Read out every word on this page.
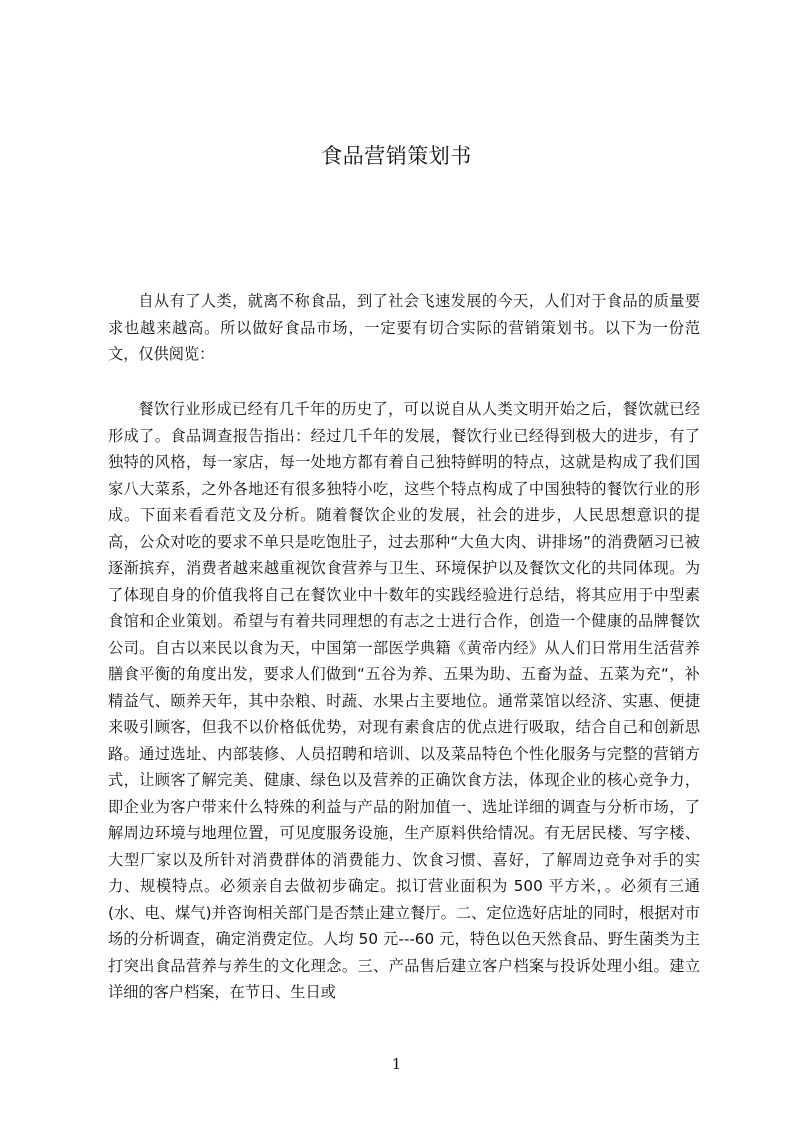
食品营销策划书

自从有了人类，就离不称食品，到了社会飞速发展的今天，人们对于食品的质量要求也越来越高。所以做好食品市场，一定要有切合实际的营销策划书。以下为一份范文，仅供阅览：

餐饮行业形成已经有几千年的历史了，可以说自从人类文明开始之后，餐饮就已经形成了。食品调查报告指出：经过几千年的发展，餐饮行业已经得到极大的进步，有了独特的风格，每一家店，每一处地方都有着自己独特鲜明的特点，这就是构成了我们国家八大菜系，之外各地还有很多独特小吃，这些个特点构成了中国独特的餐饮行业的形成。下面来看看范文及分析。随着餐饮企业的发展，社会的进步，人民思想意识的提高，公众对吃的要求不单只是吃饱肚子，过去那种“大鱼大肉、讲排场”的消费陋习已被逐渐摈弃，消费者越来越重视饮食营养与卫生、环境保护以及餐饮文化的共同体现。为了体现自身的价值我将自己在餐饮业中十数年的实践经验进行总结，将其应用于中型素食馆和企业策划。希望与有着共同理想的有志之士进行合作，创造一个健康的品牌餐饮公司。自古以来民以食为天，中国第一部医学典籍《黄帝内经》从人们日常用生活营养膳食平衡的角度出发，要求人们做到“五谷为养、五果为助、五畜为益、五菜为充“，补精益气、颐养天年，其中杂粮、时蔬、水果占主要地位。通常菜馆以经济、实惠、便捷来吸引顾客，但我不以价格低优势，对现有素食店的优点进行吸取，结合自己和创新思路。通过选址、内部装修、人员招聘和培训、以及菜品特色个性化服务与完整的营销方式，让顾客了解完美、健康、绿色以及营养的正确饮食方法，体现企业的核心竞争力，即企业为客户带来什么特殊的利益与产品的附加值一、选址详细的调查与分析市场，了解周边环境与地理位置，可见度服务设施，生产原料供给情况。有无居民楼、写字楼、大型厂家以及所针对消费群体的消费能力、饮食习惯、喜好，了解周边竞争对手的实力、规模特点。必须亲自去做初步确定。拟订营业面积为 500 平方米，。必须有三通(水、电、煤气)并咨询相关部门是否禁止建立餐厅。二、定位选好店址的同时，根据对市场的分析调查，确定消费定位。人均 50 元---60 元，特色以色天然食品、野生菌类为主打突出食品营养与养生的文化理念。三、产品售后建立客户档案与投诉处理小组。建立详细的客户档案，在节日、生日或

1
